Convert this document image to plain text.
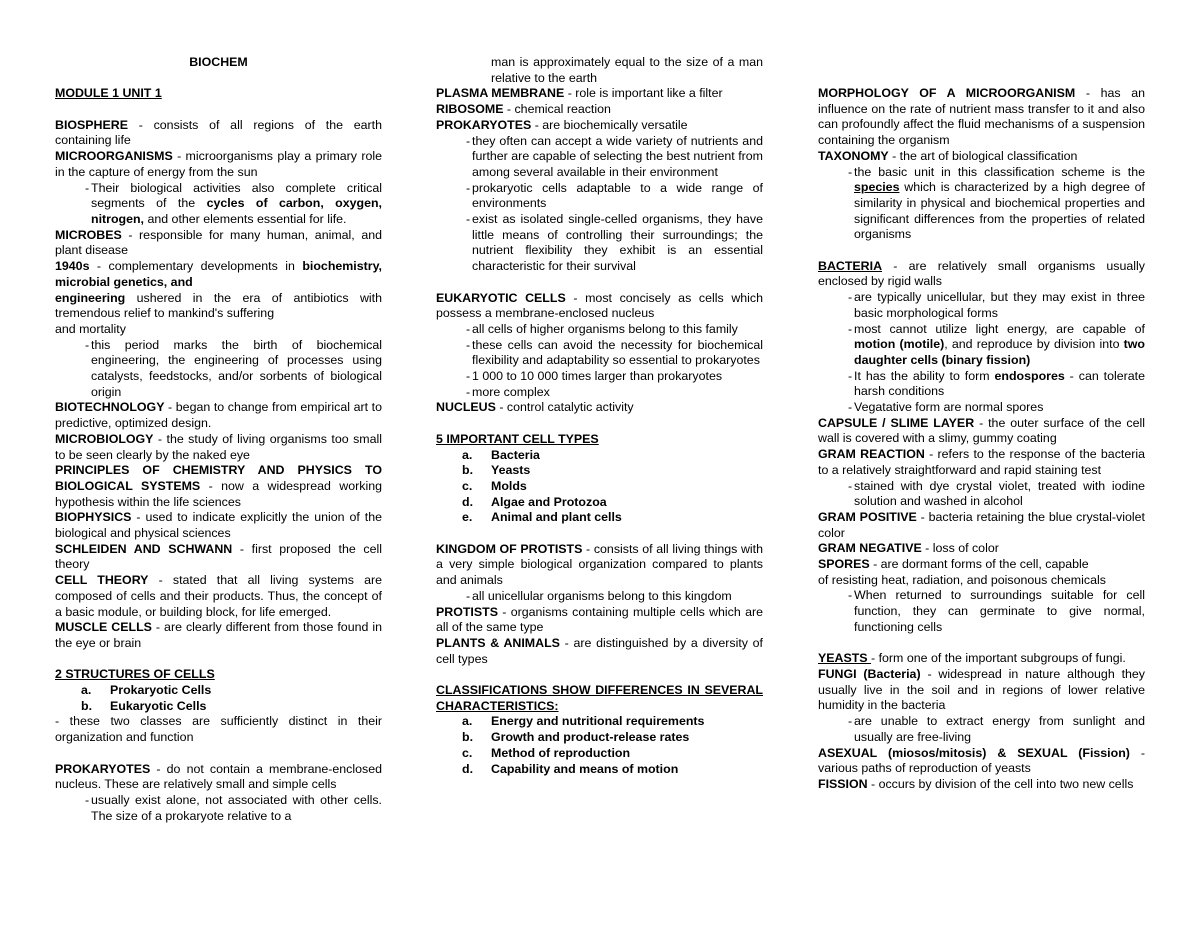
BIOCHEM

MODULE 1 UNIT 1

BIOSPHERE - consists of all regions of the earth containing life

MICROORGANISMS - microorganisms play a primary role in the capture of energy from the sun

- Their biological activities also complete critical segments of the cycles of carbon, oxygen, nitrogen, and other elements essential for life.

MICROBES - responsible for many human, animal, and plant disease

1940s - complementary developments in biochemistry, microbial genetics, and

engineering ushered in the era of antibiotics with tremendous relief to mankind's suffering

and mortality

- this period marks the birth of biochemical engineering, the engineering of processes using catalysts, feedstocks, and/or sorbents of biological origin

BIOTECHNOLOGY - began to change from empirical art to predictive, optimized design.

MICROBIOLOGY - the study of living organisms too small to be seen clearly by the naked eye

PRINCIPLES OF CHEMISTRY AND PHYSICS TO BIOLOGICAL SYSTEMS - now a widespread working hypothesis within the life sciences

BIOPHYSICS - used to indicate explicitly the union of the biological and physical sciences

SCHLEIDEN AND SCHWANN - first proposed the cell theory

CELL THEORY - stated that all living systems are composed of cells and their products. Thus, the concept of a basic module, or building block, for life emerged.

MUSCLE CELLS - are clearly different from those found in the eye or brain

2 STRUCTURES OF CELLS

a.	Prokaryotic Cells
b.	Eukaryotic Cells

- these two classes are sufficiently distinct in their organization and function

PROKARYOTES - do not contain a membrane-enclosed nucleus. These are relatively small and simple cells

- usually exist alone, not associated with other cells. The size of a prokaryote relative to a

man is approximately equal to the size of a man relative to the earth

PLASMA MEMBRANE - role is important like a filter

RIBOSOME - chemical reaction

PROKARYOTES - are biochemically versatile

- they often can accept a wide variety of nutrients and further are capable of selecting the best nutrient from among several available in their environment
- prokaryotic cells adaptable to a wide range of environments
- exist as isolated single-celled organisms, they have little means of controlling their surroundings; the nutrient flexibility they exhibit is an essential characteristic for their survival

EUKARYOTIC CELLS - most concisely as cells which possess a membrane-enclosed nucleus

- all cells of higher organisms belong to this family
- these cells can avoid the necessity for biochemical flexibility and adaptability so essential to prokaryotes
- 1 000 to 10 000 times larger than prokaryotes
- more complex

NUCLEUS - control catalytic activity

5 IMPORTANT CELL TYPES

a.	Bacteria
b.	Yeasts
c.	Molds
d.	Algae and Protozoa
e.	Animal and plant cells

KINGDOM OF PROTISTS - consists of all living things with a very simple biological organization compared to plants and animals

- all unicellular organisms belong to this kingdom

PROTISTS - organisms containing multiple cells which are all of the same type

PLANTS & ANIMALS - are distinguished by a diversity of cell types

CLASSIFICATIONS SHOW DIFFERENCES IN SEVERAL CHARACTERISTICS:

a.	Energy and nutritional requirements
b.	Growth and product-release rates
c.	Method of reproduction
d.	Capability and means of motion

MORPHOLOGY OF A MICROORGANISM - has an influence on the rate of nutrient mass transfer to it and also can profoundly affect the fluid mechanisms of a suspension containing the organism

TAXONOMY - the art of biological classification

- the basic unit in this classification scheme is the species which is characterized by a high degree of similarity in physical and biochemical properties and significant differences from the properties of related organisms

BACTERIA - are relatively small organisms usually enclosed by rigid walls

- are typically unicellular, but they may exist in three basic morphological forms
- most cannot utilize light energy, are capable of motion (motile), and reproduce by division into two daughter cells (binary fission)
- It has the ability to form endospores - can tolerate harsh conditions
- Vegatative form are normal spores

CAPSULE / SLIME LAYER - the outer surface of the cell wall is covered with a slimy, gummy coating

GRAM REACTION - refers to the response of the bacteria to a relatively straightforward and rapid staining test

- stained with dye crystal violet, treated with iodine solution and washed in alcohol

GRAM POSITIVE - bacteria retaining the blue crystal-violet color

GRAM NEGATIVE - loss of color

SPORES - are dormant forms of the cell, capable

of resisting heat, radiation, and poisonous chemicals

- When returned to surroundings suitable for cell function, they can germinate to give normal, functioning cells

YEASTS - form one of the important subgroups of fungi.

FUNGI (Bacteria) - widespread in nature although they usually live in the soil and in regions of lower relative humidity in the bacteria

- are unable to extract energy from sunlight and usually are free-living

ASEXUAL (miosos/mitosis) & SEXUAL (Fission) - various paths of reproduction of yeasts

FISSION - occurs by division of the cell into two new cells
